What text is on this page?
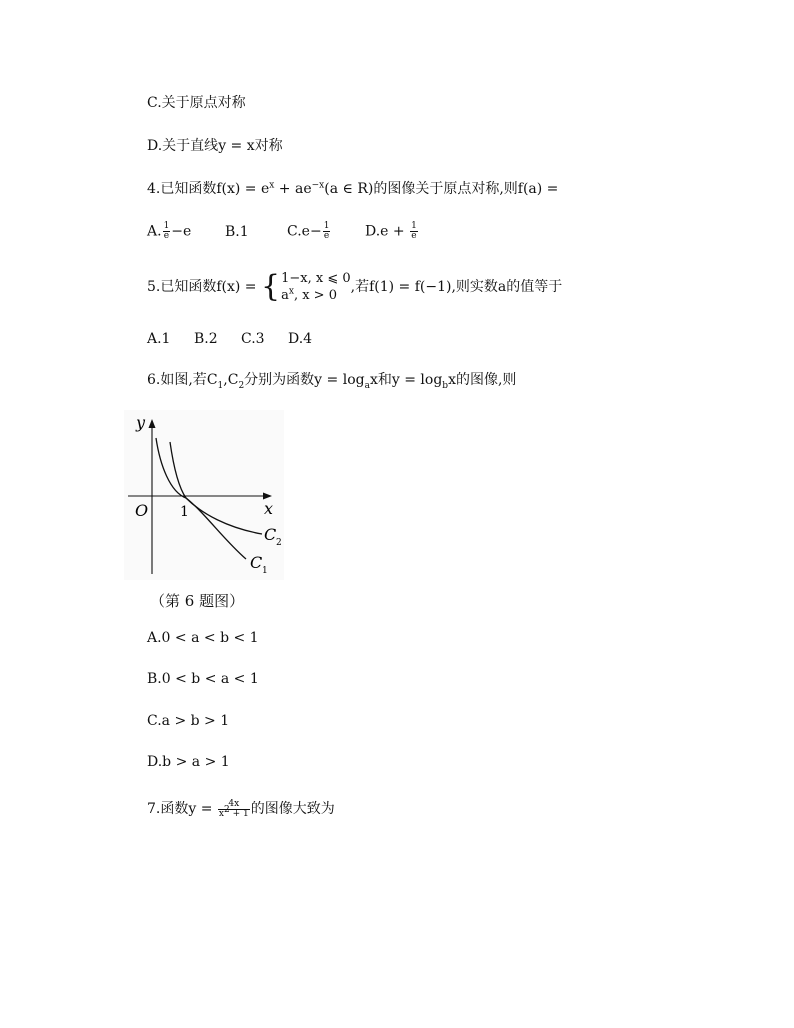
C.关于原点对称
D.关于直线y = x对称
4.已知函数$f(x) = e^x + ae^{-x}(a$ ∈ R)的图像关于原点对称,则f(a) =
A. $\frac{1}{e} -e$ B.1	$C.e- \frac{1}{e} D.e + \frac{1}{e}$
5.已知函数f(x) = { 1−x, x ⩽ 0
$a^x$, x > 0
,若f(1) = f(−1),则实数a的值等于
A.1 B.2 C.3 D.4
6.如图,若$C_1,C_2$分别为函数$y = \log_ax$和$y = \log_bx$的图像,则
y
x
O 1
C 2
C 1
（第 6 题图）
A.0 < a < b < 1
B.0 < b < a < 1
C.a > b > 1
D.b > a > 1
7.函数$y = \frac{4x}{x^2 + 1}$ 的图像大致为
